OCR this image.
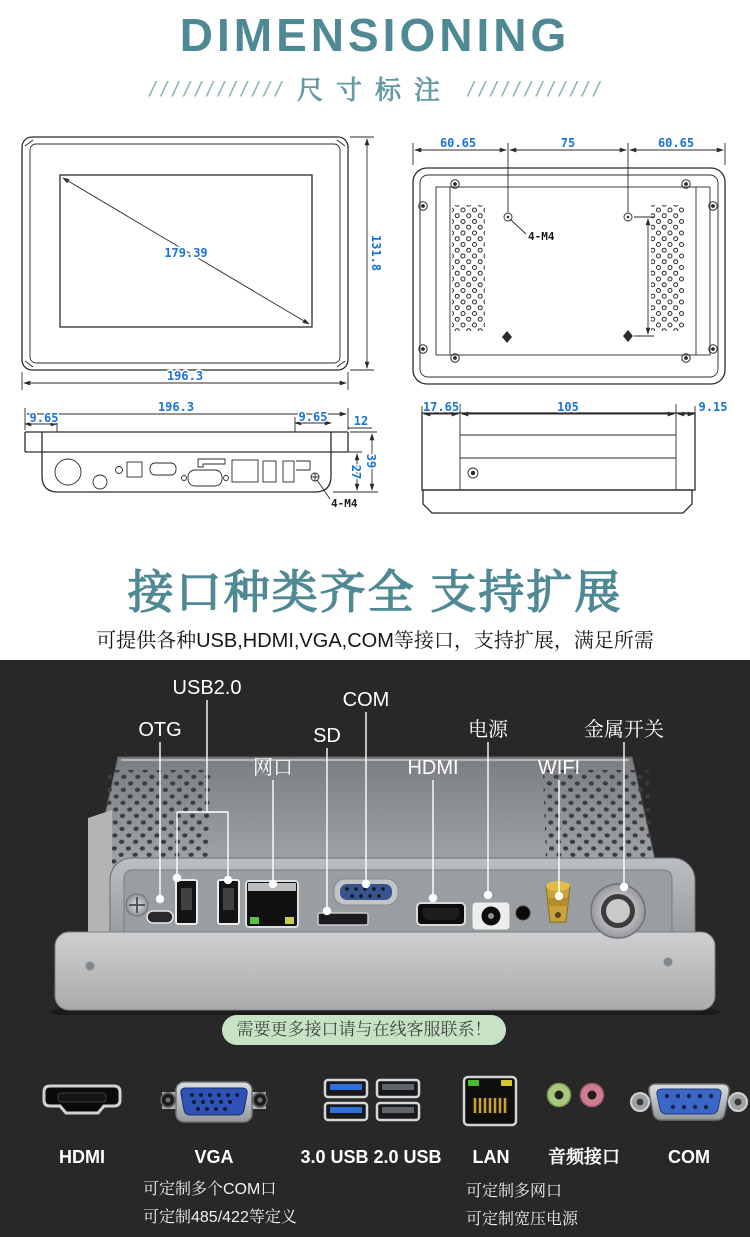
DIMENSIONING
//////////// 尺寸标注 ////////////
179.39	131.8
196.3
60.65	75	60.65
4-M4
196.3
9.65	9.65 12
27
39
4-M4
17.65	105	9.15
接口种类齐全 支持扩展
可提供各种USB,HDMI,VGA,COM等接口，支持扩展，满足所需
OTG
USB2.0
网口
SD
COM
HDMI
电源
WIFI
金属开关
需要更多接口请与在线客服联系！
HDMI	VGA	3.0 USB 2.0 USB LAN 音频接口	COM
可定制多个COM口
可定制485/422等定义
可定制多网口
可定制宽压电源
